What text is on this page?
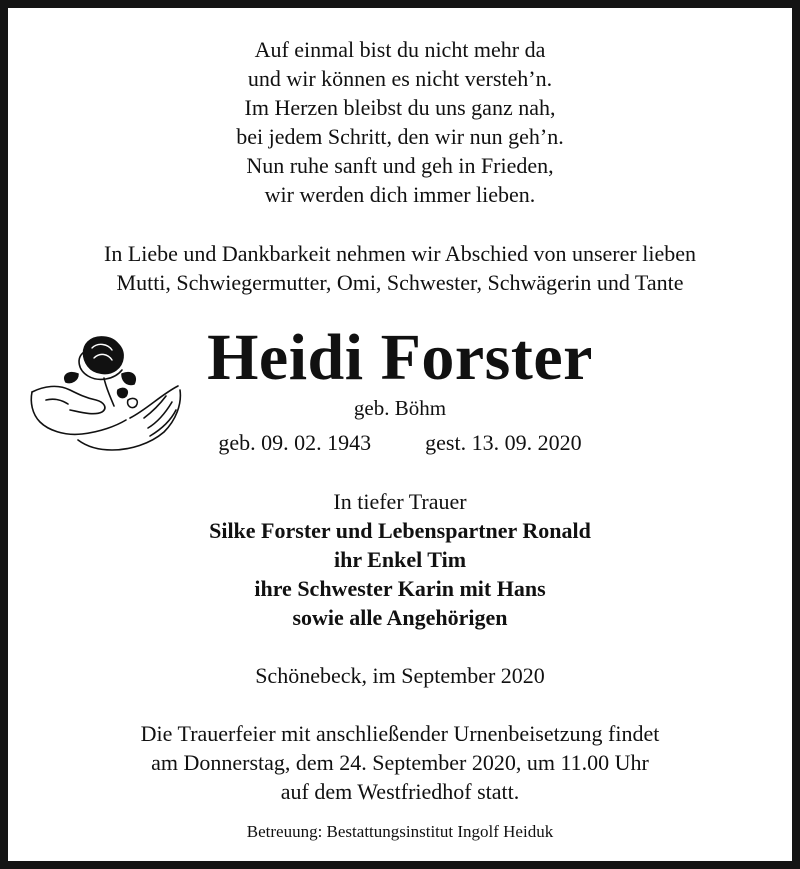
Auf einmal bist du nicht mehr da
und wir können es nicht versteh’n.
Im Herzen bleibst du uns ganz nah,
bei jedem Schritt, den wir nun geh’n.
Nun ruhe sanft und geh in Frieden,
wir werden dich immer lieben.
In Liebe und Dankbarkeit nehmen wir Abschied von unserer lieben
Mutti, Schwiegermutter, Omi, Schwester, Schwägerin und Tante
Heidi Forster
geb. Böhm
geb. 09. 02. 1943 gest. 13. 09. 2020
In tiefer Trauer
Silke Forster und Lebenspartner Ronald
ihr Enkel Tim
ihre Schwester Karin mit Hans
sowie alle Angehörigen
Schönebeck, im September 2020
Die Trauerfeier mit anschließender Urnenbeisetzung findet
am Donnerstag, dem 24. September 2020, um 11.00 Uhr
auf dem Westfriedhof statt.
Betreuung: Bestattungsinstitut Ingolf Heiduk
